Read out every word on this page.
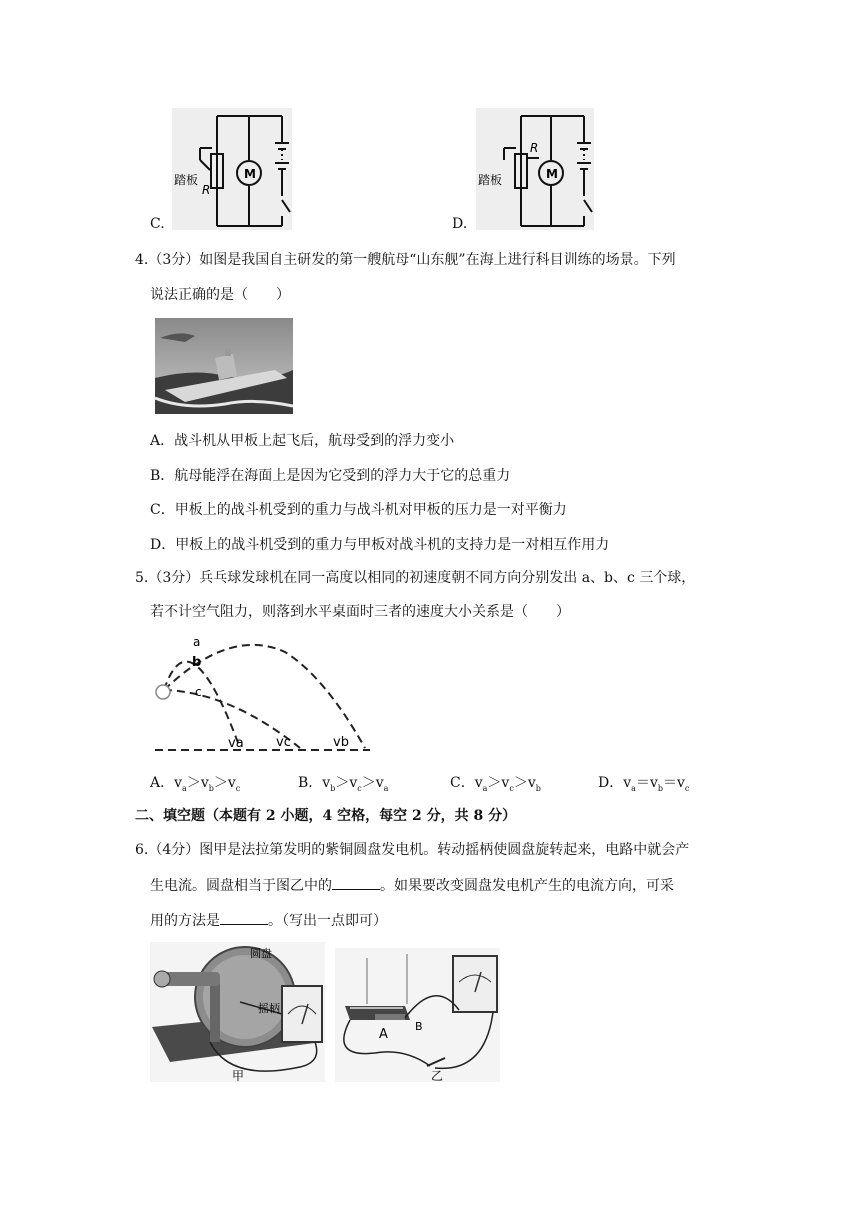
C.
M
R
踏板
D.
M
R
踏板
4.（3分）如图是我国自主研发的第一艘航母“山东舰”在海上进行科目训练的场景。下列
说法正确的是（　　）
A．战斗机从甲板上起飞后，航母受到的浮力变小
B．航母能浮在海面上是因为它受到的浮力大于它的总重力
C．甲板上的战斗机受到的重力与战斗机对甲板的压力是一对平衡力
D．甲板上的战斗机受到的重力与甲板对战斗机的支持力是一对相互作用力
5.（3分）兵乓球发球机在同一高度以相同的初速度朝不同方向分别发出 a、b、c 三个球，
若不计空气阻力，则落到水平桌面时三者的速度大小关系是（　　）
a
b
c
va vc	vb
A．$v_a>v_b>v_c$	B．$v_b>v_c>v_a$	C．$v_a>v_c>v_b$	D．$v_a=v_b=v_c$
二、填空题（本题有 2 小题，4 空格，每空 2 分，共 8 分）
6.（4分）图甲是法拉第发明的紫铜圆盘发电机。转动摇柄使圆盘旋转起来，电路中就会产
生电流。圆盘相当于图乙中的	。如果要改变圆盘发电机产生的电流方向，可采
用的方法是	。（写出一点即可）
圆盘
摇柄
甲
A
B
乙
